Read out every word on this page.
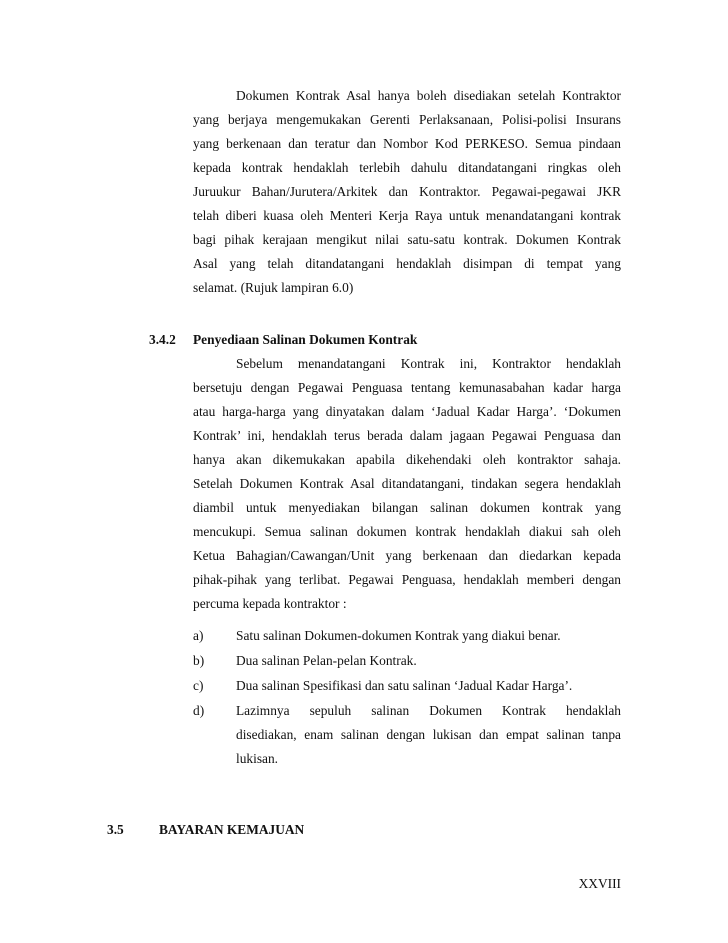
Dokumen Kontrak Asal hanya boleh disediakan setelah Kontraktor
yang berjaya mengemukakan Gerenti Perlaksanaan, Polisi-polisi Insurans
yang berkenaan dan teratur dan Nombor Kod PERKESO. Semua pindaan
kepada kontrak hendaklah terlebih dahulu ditandatangani ringkas oleh
Juruukur Bahan/Jurutera/Arkitek dan Kontraktor. Pegawai-pegawai JKR
telah diberi kuasa oleh Menteri Kerja Raya untuk menandatangani kontrak
bagi pihak kerajaan mengikut nilai satu-satu kontrak. Dokumen Kontrak
Asal yang telah ditandatangani hendaklah disimpan di tempat yang
selamat. (Rujuk lampiran 6.0)
3.4.2 Penyediaan Salinan Dokumen Kontrak
Sebelum menandatangani Kontrak ini, Kontraktor hendaklah
bersetuju dengan Pegawai Penguasa tentang kemunasabahan kadar harga
atau harga-harga yang dinyatakan dalam ‘Jadual Kadar Harga’. ‘Dokumen
Kontrak’ ini, hendaklah terus berada dalam jagaan Pegawai Penguasa dan
hanya akan dikemukakan apabila dikehendaki oleh kontraktor sahaja.
Setelah Dokumen Kontrak Asal ditandatangani, tindakan segera hendaklah
diambil untuk menyediakan bilangan salinan dokumen kontrak yang
mencukupi. Semua salinan dokumen kontrak hendaklah diakui sah oleh
Ketua Bahagian/Cawangan/Unit yang berkenaan dan diedarkan kepada
pihak-pihak yang terlibat. Pegawai Penguasa, hendaklah memberi dengan
percuma kepada kontraktor :
a)	Satu salinan Dokumen-dokumen Kontrak yang diakui benar.
b)	Dua salinan Pelan-pelan Kontrak.
c)	Dua salinan Spesifikasi dan satu salinan ‘Jadual Kadar Harga’.
d)	Lazimnya sepuluh salinan Dokumen Kontrak hendaklah
disediakan, enam salinan dengan lukisan dan empat salinan tanpa
lukisan.
3.5	BAYARAN KEMAJUAN
XXVIII
